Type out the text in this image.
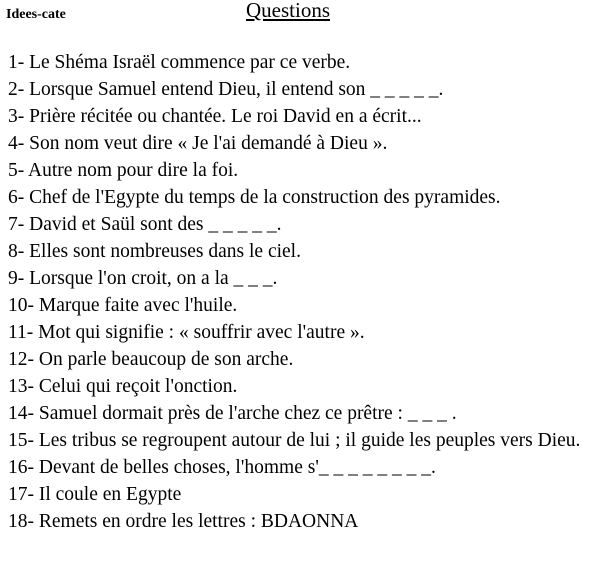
Idees-cate	Questions
1- Le Shéma Israël commence par ce verbe.
2- Lorsque Samuel entend Dieu, il entend son _ _ _ _ _.
3- Prière récitée ou chantée. Le roi David en a écrit...
4- Son nom veut dire « Je l'ai demandé à Dieu ».
5- Autre nom pour dire la foi.
6- Chef de l'Egypte du temps de la construction des pyramides.
7- David et Saül sont des _ _ _ _ _.
8- Elles sont nombreuses dans le ciel.
9- Lorsque l'on croit, on a la _ _ _.
10- Marque faite avec l'huile.
11- Mot qui signifie : « souffrir avec l'autre ».
12- On parle beaucoup de son arche.
13- Celui qui reçoit l'onction.
14- Samuel dormait près de l'arche chez ce prêtre : _ _ _ .
15- Les tribus se regroupent autour de lui ; il guide les peuples vers Dieu.
16- Devant de belles choses, l'homme s'_ _ _ _ _ _ _ _.
17- Il coule en Egypte
18- Remets en ordre les lettres : BDAONNA
